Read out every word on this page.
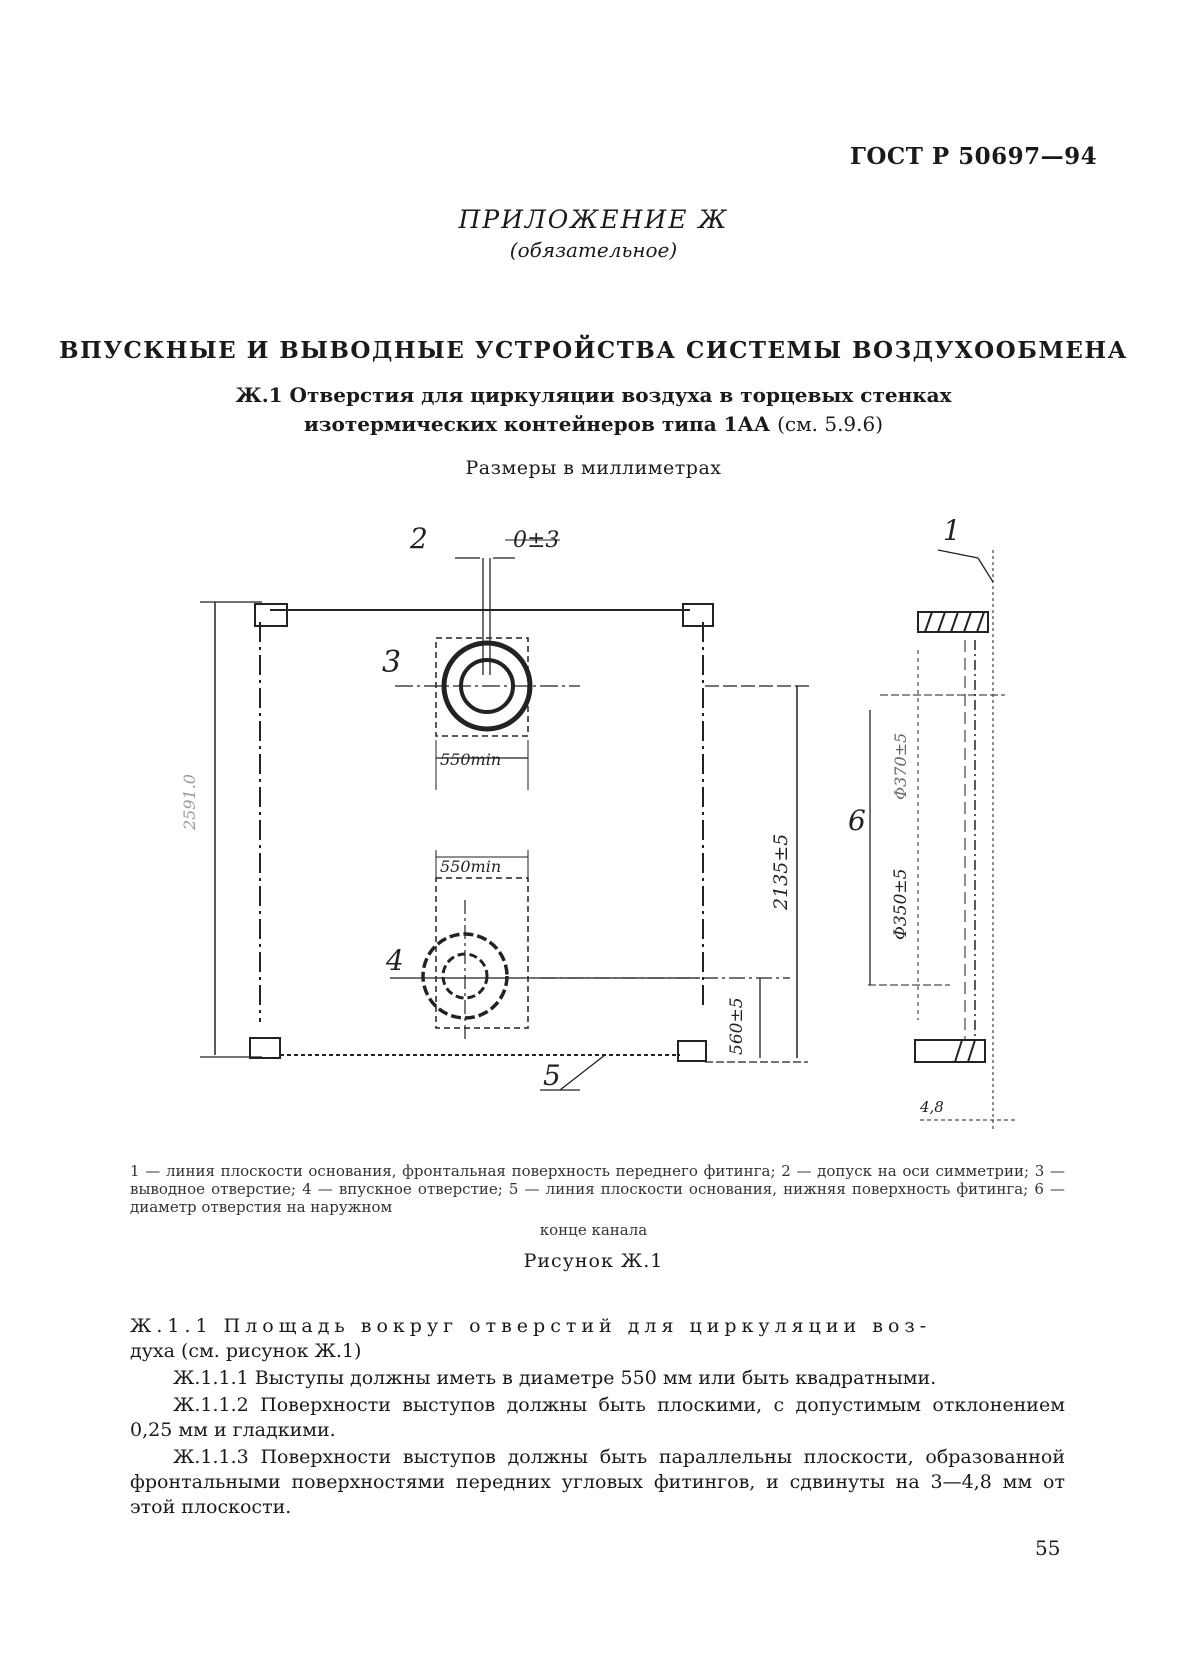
ГОСТ Р 50697—94
ПРИЛОЖЕНИЕ Ж
(обязательное)
ВПУСКНЫЕ И ВЫВОДНЫЕ УСТРОЙСТВА СИСТЕМЫ ВОЗДУХООБМЕНА
Ж.1 Отверстия для циркуляции воздуха в торцевых стенках
изотермических контейнеров типа 1АА (см. 5.9.6)
Размеры в миллиметрах
1
2	0±3
3
550min
550min
4
5
6
4,8
2591.0
2135±5
560±5
Φ350±5
Φ370±5
1 — линия плоскости основания, фронтальная поверхность переднего фитинга; 2 — допуск на оси симметрии; 3 — выводное отверстие; 4 — впускное отверстие; 5 — линия плоскости основания, нижняя поверхность фитинга; 6 — диаметр отверстия на наружном
конце канала
Рисунок Ж.1
Ж.1.1 Площадь вокруг отверстий для циркуляции воз-
духа (см. рисунок Ж.1)
Ж.1.1.1 Выступы должны иметь в диаметре 550 мм или быть квадратными.
Ж.1.1.2 Поверхности выступов должны быть плоскими, с допустимым отклонением 0,25 мм и гладкими.
Ж.1.1.3 Поверхности выступов должны быть параллельны плоскости, образованной фронтальными поверхностями передних угловых фитингов, и сдвинуты на 3—4,8 мм от этой плоскости.
55
